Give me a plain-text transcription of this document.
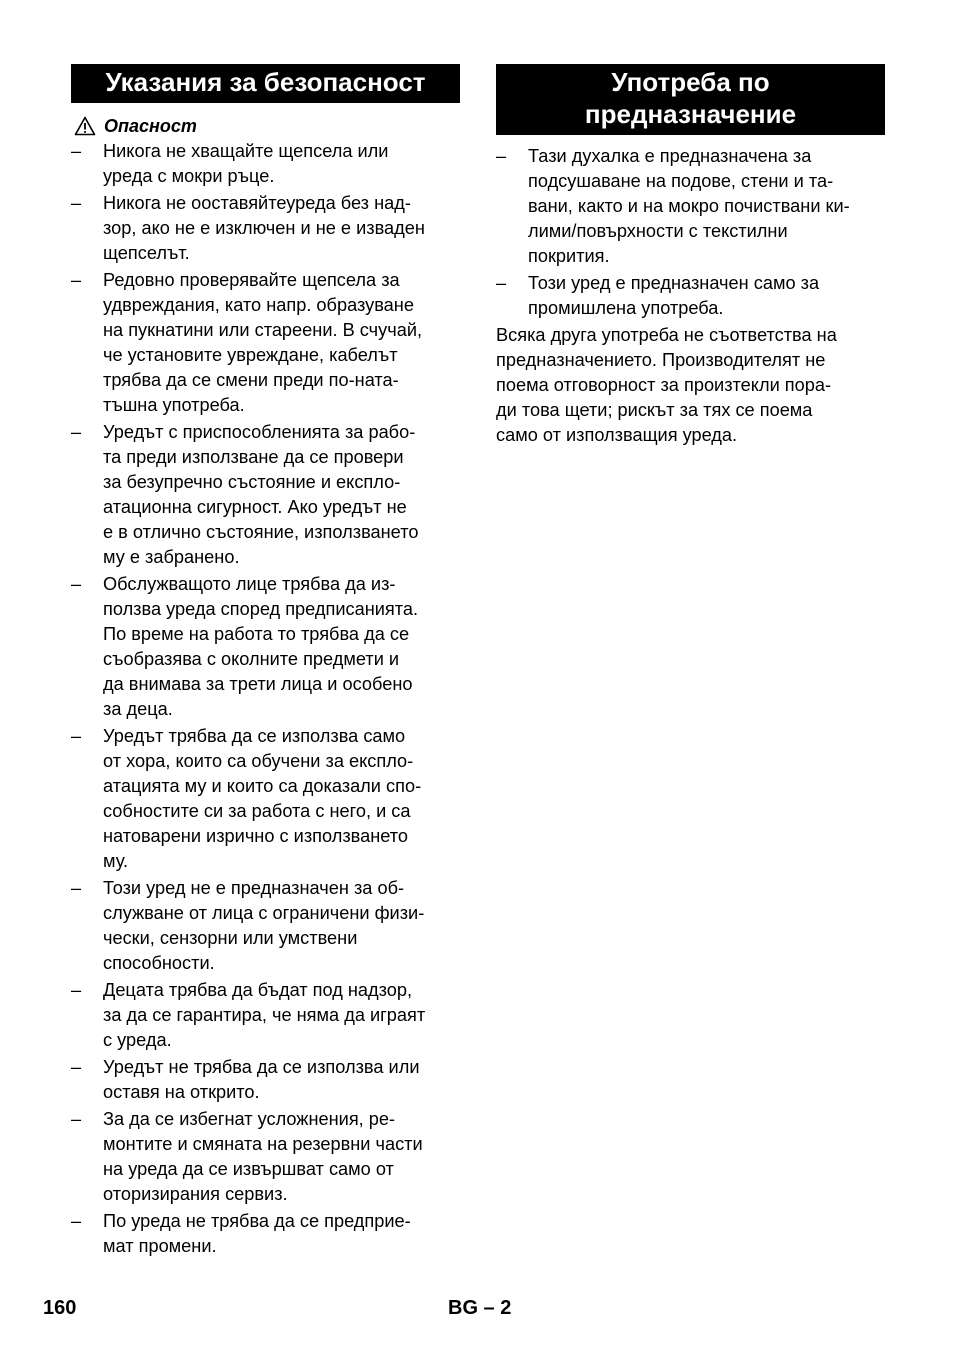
Указания за безопасност
Опасност
– Никога не хващайте щепсела или
уреда с мокри ръце.
– Никога не оoставяйтеуреда без над-
зор, ако не е изключен и не е изваден
щепселът.
– Редовно проверявайте щепсела за
удвреждания, като напр. образуване
на пукнатини или стареени. В счучай,
че установите увреждане, кабелът
трябва да се смени преди по-ната-
тъшна употреба.
– Уредът с приспособленията за рабо-
та преди използване да се провери
за безупречно състояние и експло-
атационна сигурност. Ако уредът не
е в отлично състояние, използването
му е забранено.
– Обслужващото лице трябва да из-
ползва уреда според предписанията.
По време на работа то трябва да се
съобразява с околните предмети и
да внимава за трети лица и особено
за деца.
– Уредът трябва да се използва само
от хора, които са обучени за експло-
атацията му и които са доказали спо-
собностите си за работа с него, и са
натоварени изрично с използването
му.
– Този уред не е предназначен за об-
служване от лица с ограничени физи-
чески, сензорни или умствени
способности.
– Децата трябва да бъдат под надзор,
за да се гарантира, че няма да играят
с уреда.
– Уредът не трябва да се използва или
оставя на открито.
– За да се избегнат усложнения, ре-
монтите и смяната на резервни части
на уреда да се извършват само от
оторизирания сервиз.
– По уреда не трябва да се предприе-
мат промени.
Употреба по
предназначение
– Тази духалка е предназначена за
подсушаване на подове, стени и та-
вани, както и на мокро почиствани ки-
лими/повърхности с текстилни
покрития.
– Този уред е предназначен само за
промишлена употреба.
Всяка друга употреба не съответства на
предназначението. Производителят не
поема отговорност за произтекли пора-
ди това щети; рискът за тях се поема
само от използващия уреда.
160	BG – 2
